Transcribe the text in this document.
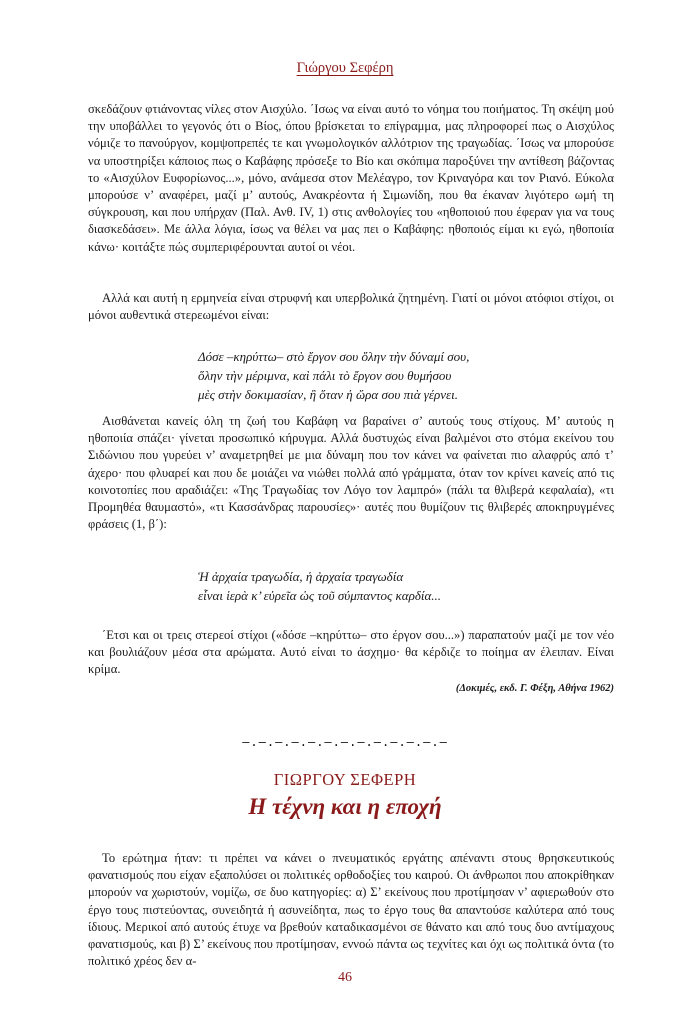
Γιώργου Σεφέρη

σκεδάζουν φτιάνοντας νίλες στον Αισχύλο. ΄Ισως να είναι αυτό το νόημα του ποιήματος. Τη σκέψη μού την υποβάλλει το γεγονός ότι ο Βίος, όπου βρίσκεται το επίγραμμα, μας πληροφορεί πως ο Αισχύλος νόμιζε το πανούργον, κομψοπρεπές τε και γνωμολογικόν αλλότριον της τραγωδίας. ΄Ισως να μπορούσε να υποστηρίξει κάποιος πως ο Καβάφης πρόσεξε το Βίο και σκόπιμα παροξύνει την αντίθεση βάζοντας το «Αισχύλον Ευφορίωνος...», μόνο, ανάμεσα στον Μελέαγρο, τον Κριναγόρα και τον Ριανό. Εύκολα μπορούσε ν’ αναφέρει, μαζί μ’ αυτούς, Ανακρέοντα ή Σιμωνίδη, που θα έκαναν λιγότερο ωμή τη σύγκρουση, και που υπήρχαν (Παλ. Ανθ. IV, 1) στις ανθολογίες του «ηθοποιού που έφεραν για να τους διασκεδάσει». Με άλλα λόγια, ίσως να θέλει να μας πει ο Καβάφης: ηθοποιός είμαι κι εγώ, ηθοποιία κάνω· κοιτάξτε πώς συμπεριφέρουνται αυτοί οι νέοι.

Αλλά και αυτή η ερμηνεία είναι στρυφνή και υπερβολικά ζητημένη. Γιατί οι μόνοι ατόφιοι στίχοι, οι μόνοι αυθεντικά στερεωμένοι είναι:

Δόσε –κηρύττω– στὸ ἔργον σου ὅλην τὴν δύναμί σου,
ὅλην τὴν μέριμνα, καὶ πάλι τὸ ἔργον σου θυμήσου
μὲς στὴν δοκιμασίαν, ἢ ὅταν ἡ ὥρα σου πιὰ γέρνει.

Αισθάνεται κανείς όλη τη ζωή του Καβάφη να βαραίνει σ’ αυτούς τους στίχους. Μ’ αυτούς η ηθοποιία σπάζει· γίνεται προσωπικό κήρυγμα. Αλλά δυστυχώς είναι βαλμένοι στο στόμα εκείνου του Σιδώνιου που γυρεύει ν’ αναμετρηθεί με μια δύναμη που τον κάνει να φαίνεται πιο αλαφρύς από τ’ άχερο· που φλυαρεί και που δε μοιάζει να νιώθει πολλά από γράμματα, όταν τον κρίνει κανείς από τις κοινοτοπίες που αραδιάζει: «Της Τραγωδίας τον Λόγο τον λαμπρό» (πάλι τα θλιβερά κεφαλαία), «τι Προμηθέα θαυμαστό», «τι Κασσάνδρας παρουσίες»· αυτές που θυμίζουν τις θλιβερές αποκηρυγμένες φράσεις (1, β΄):

Ἡ ἀρχαία τραγωδία, ἡ ἀρχαία τραγωδία
εἶναι ἱερὰ κ’ εὐρεῖα ὡς τοῦ σύμπαντος καρδία...

΄Ετσι και οι τρεις στερεοί στίχοι («δόσε –κηρύττω– στο έργον σου...») παραπατούν μαζί με τον νέο και βουλιάζουν μέσα στα αρώματα. Αυτό είναι το άσχημο· θα κέρδιζε το ποίημα αν έλειπαν. Είναι κρίμα.

(Δοκιμές, εκδ. Γ. Φέξη, Αθήνα 1962)
—.—.—.—.—.—.—.—.—.—.—.—.—
ΓΙΩΡΓΟΥ ΣΕΦΕΡΗ
Η τέχνη και η εποχή

Το ερώτημα ήταν: τι πρέπει να κάνει ο πνευματικός εργάτης απέναντι στους θρησκευτικούς φανατισμούς που είχαν εξαπολύσει οι πολιτικές ορθοδοξίες του καιρού. Οι άνθρωποι που αποκρίθηκαν μπορούν να χωριστούν, νομίζω, σε δυο κατηγορίες: α) Σ’ εκείνους που προτίμησαν ν’ αφιερωθούν στο έργο τους πιστεύοντας, συνειδητά ή ασυνείδητα, πως το έργο τους θα απαντούσε καλύτερα από τους ίδιους. Μερικοί από αυτούς έτυχε να βρεθούν καταδικασμένοι σε θάνατο και από τους δυο αντίμαχους φανατισμούς, και β) Σ’ εκείνους που προτίμησαν, εννοώ πάντα ως τεχνίτες και όχι ως πολιτικά όντα (το πολιτικό χρέος δεν α-

46
